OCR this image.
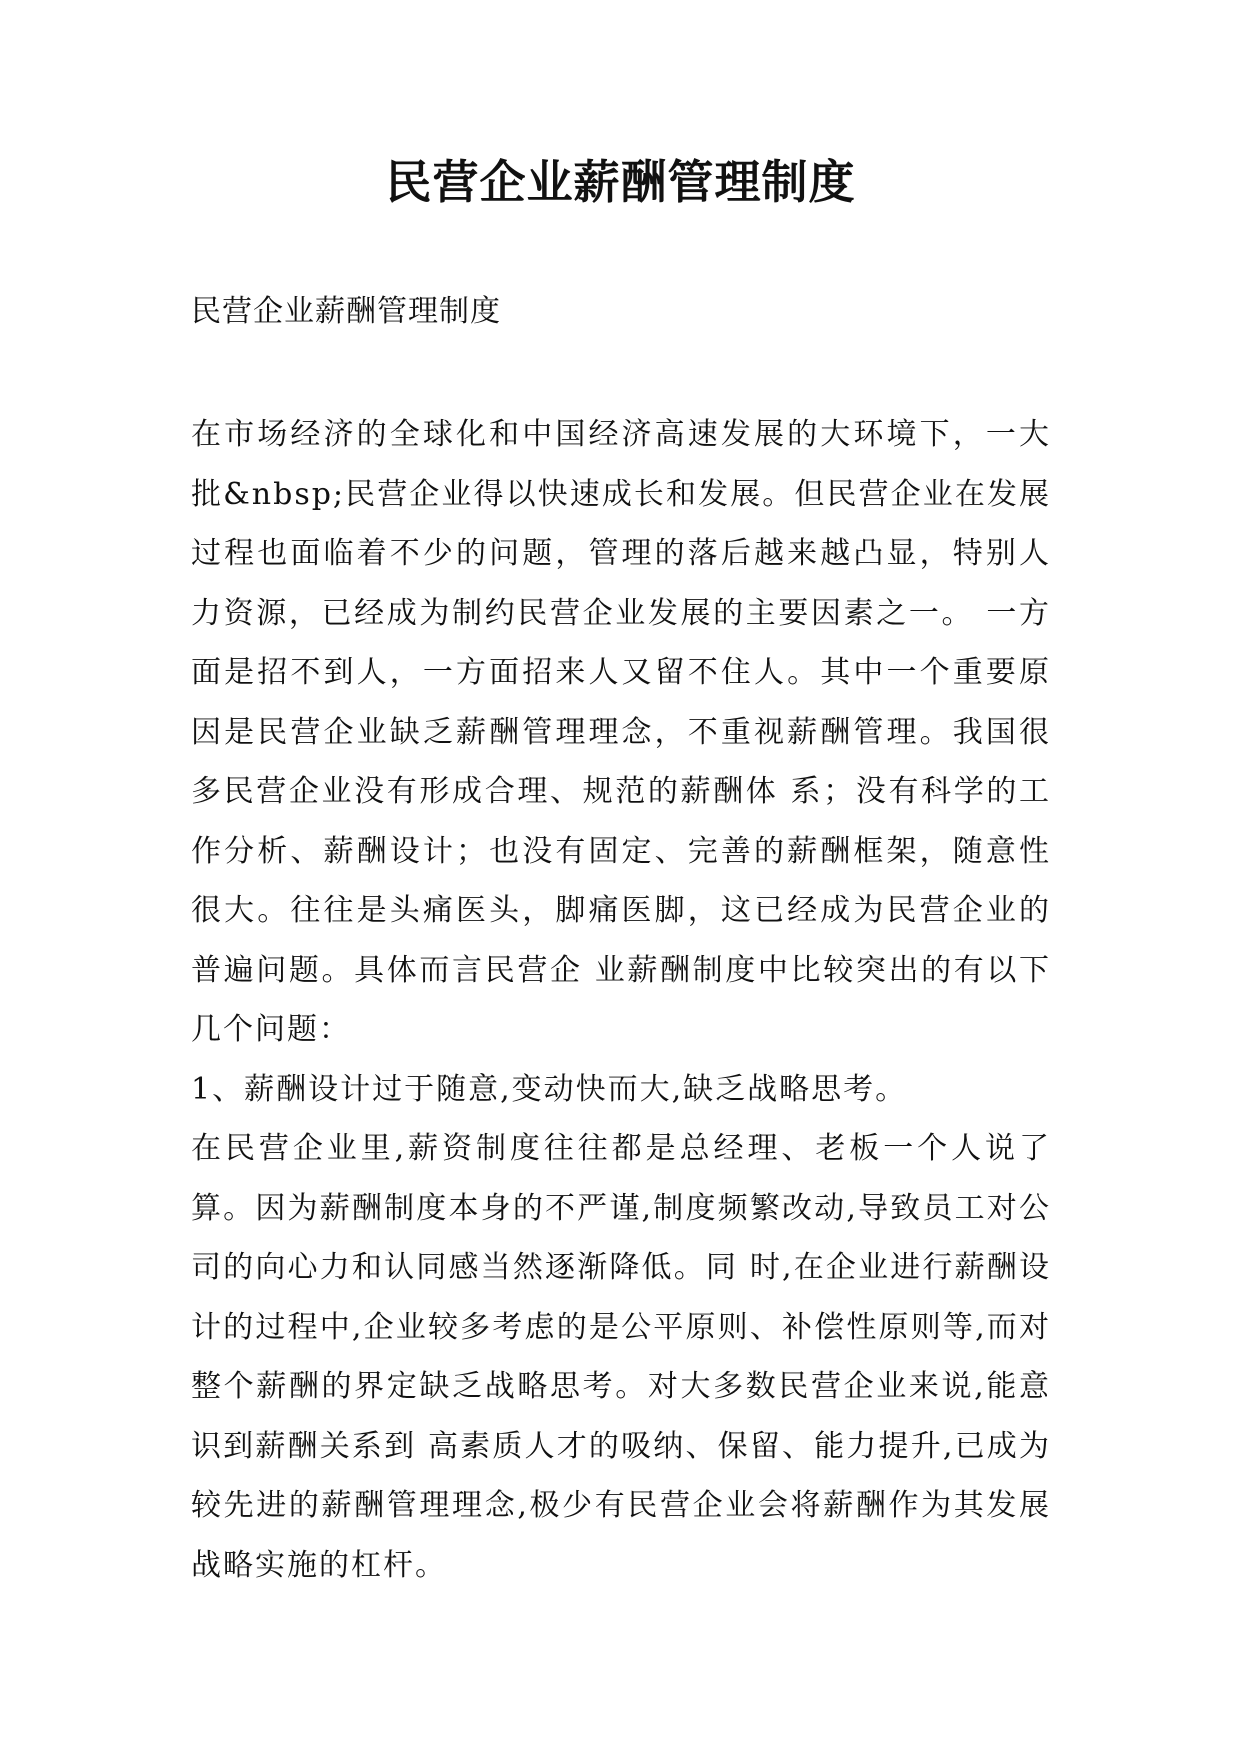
民营企业薪酬管理制度

民营企业薪酬管理制度

在市场经济的全球化和中国经济高速发展的大环境下，一大批&nbsp;民营企业得以快速成长和发展。但民营企业在发展过程也面临着不少的问题，管理的落后越来越凸显，特别人力资源，已经成为制约民营企业发展的主要因素之一。 一方面是招不到人，一方面招来人又留不住人。其中一个重要原因是民营企业缺乏薪酬管理理念，不重视薪酬管理。我国很多民营企业没有形成合理、规范的薪酬体 系；没有科学的工作分析、薪酬设计；也没有固定、完善的薪酬框架，随意性很大。往往是头痛医头，脚痛医脚，这已经成为民营企业的普遍问题。具体而言民营企 业薪酬制度中比较突出的有以下几个问题：

1、薪酬设计过于随意,变动快而大,缺乏战略思考。

在民营企业里,薪资制度往往都是总经理、老板一个人说了算。因为薪酬制度本身的不严谨,制度频繁改动,导致员工对公司的向心力和认同感当然逐渐降低。同 时,在企业进行薪酬设计的过程中,企业较多考虑的是公平原则、补偿性原则等,而对整个薪酬的界定缺乏战略思考。对大多数民营企业来说,能意识到薪酬关系到 高素质人才的吸纳、保留、能力提升,已成为较先进的薪酬管理理念,极少有民营企业会将薪酬作为其发展战略实施的杠杆。
